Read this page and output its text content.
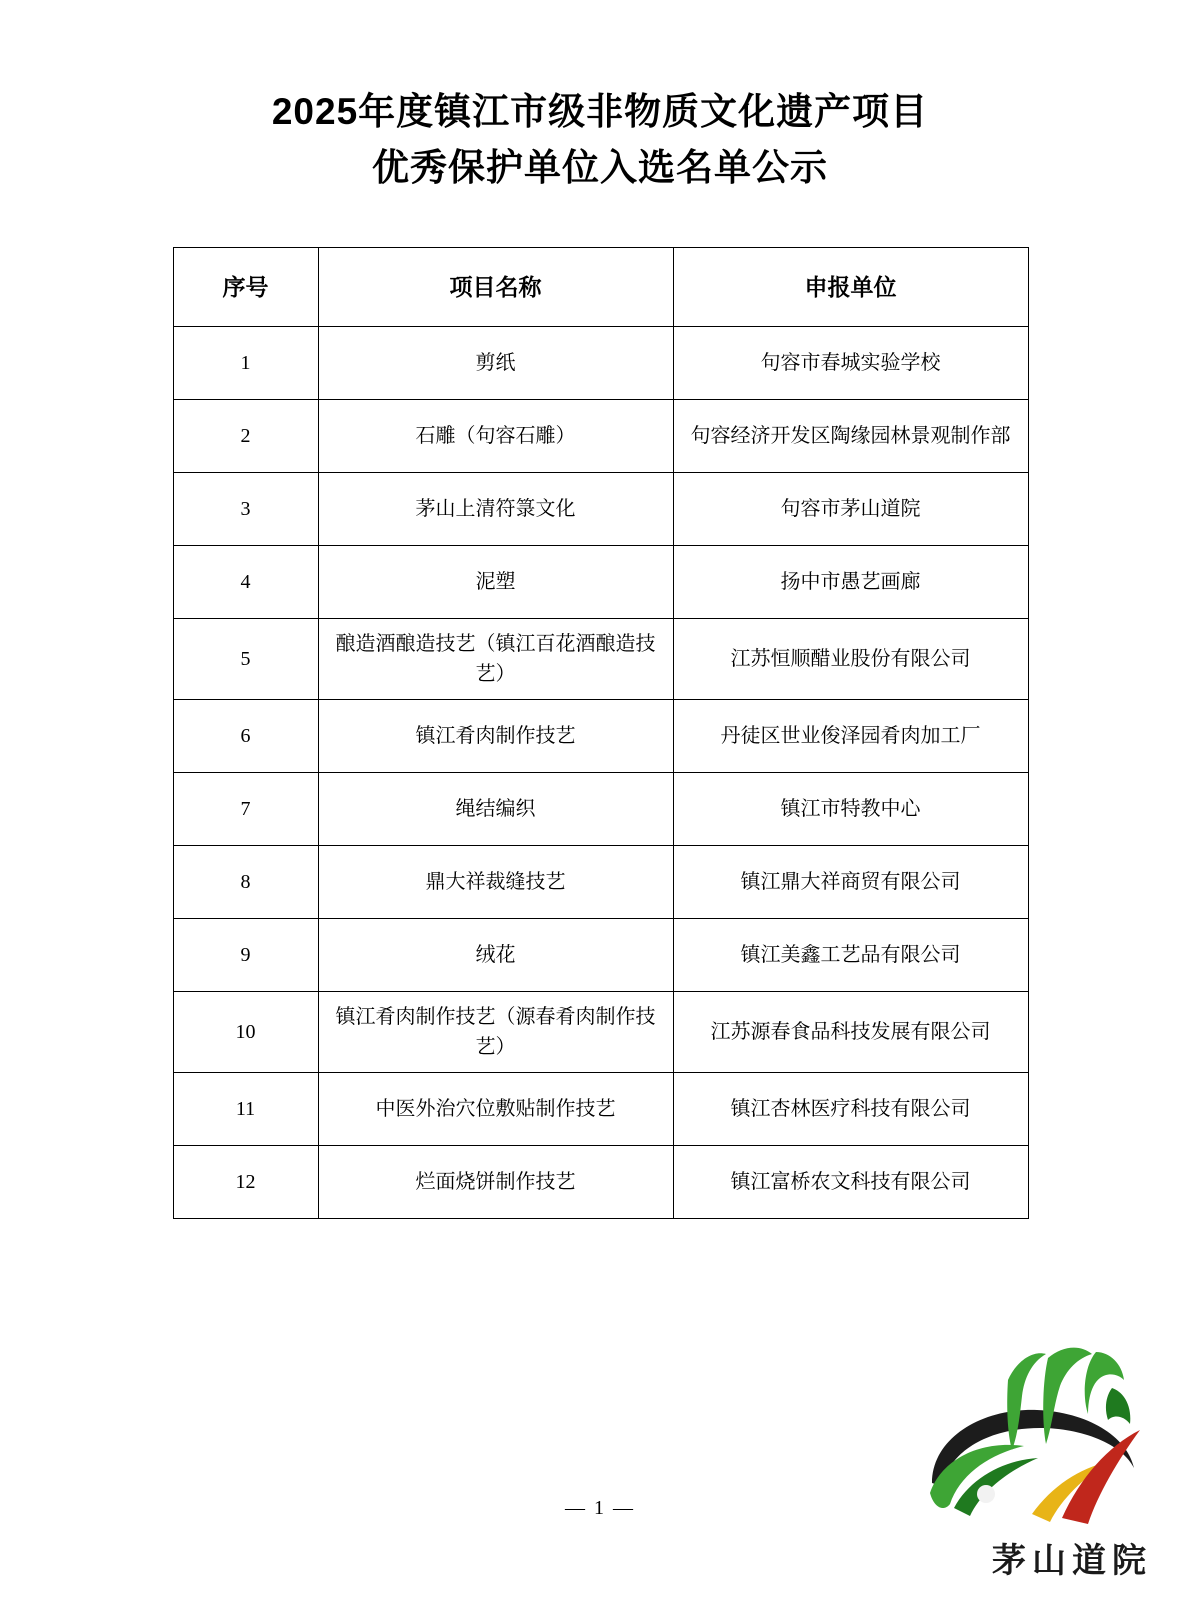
2025年度镇江市级非物质文化遗产项目
优秀保护单位入选名单公示
序号	项目名称	申报单位
1	剪纸	句容市春城实验学校
2	石雕（句容石雕）	句容经济开发区陶缘园林景观制作部
3	茅山上清符箓文化	句容市茅山道院
4	泥塑	扬中市愚艺画廊
5	酿造酒酿造技艺（镇江百花酒酿造技艺）	江苏恒顺醋业股份有限公司
6	镇江肴肉制作技艺	丹徒区世业俊泽园肴肉加工厂
7	绳结编织	镇江市特教中心
8	鼎大祥裁缝技艺	镇江鼎大祥商贸有限公司
9	绒花	镇江美鑫工艺品有限公司
10	镇江肴肉制作技艺（源春肴肉制作技艺）	江苏源春食品科技发展有限公司
11	中医外治穴位敷贴制作技艺	镇江杏林医疗科技有限公司
12	烂面烧饼制作技艺	镇江富桥农文科技有限公司
— 1 —
茅山道院
